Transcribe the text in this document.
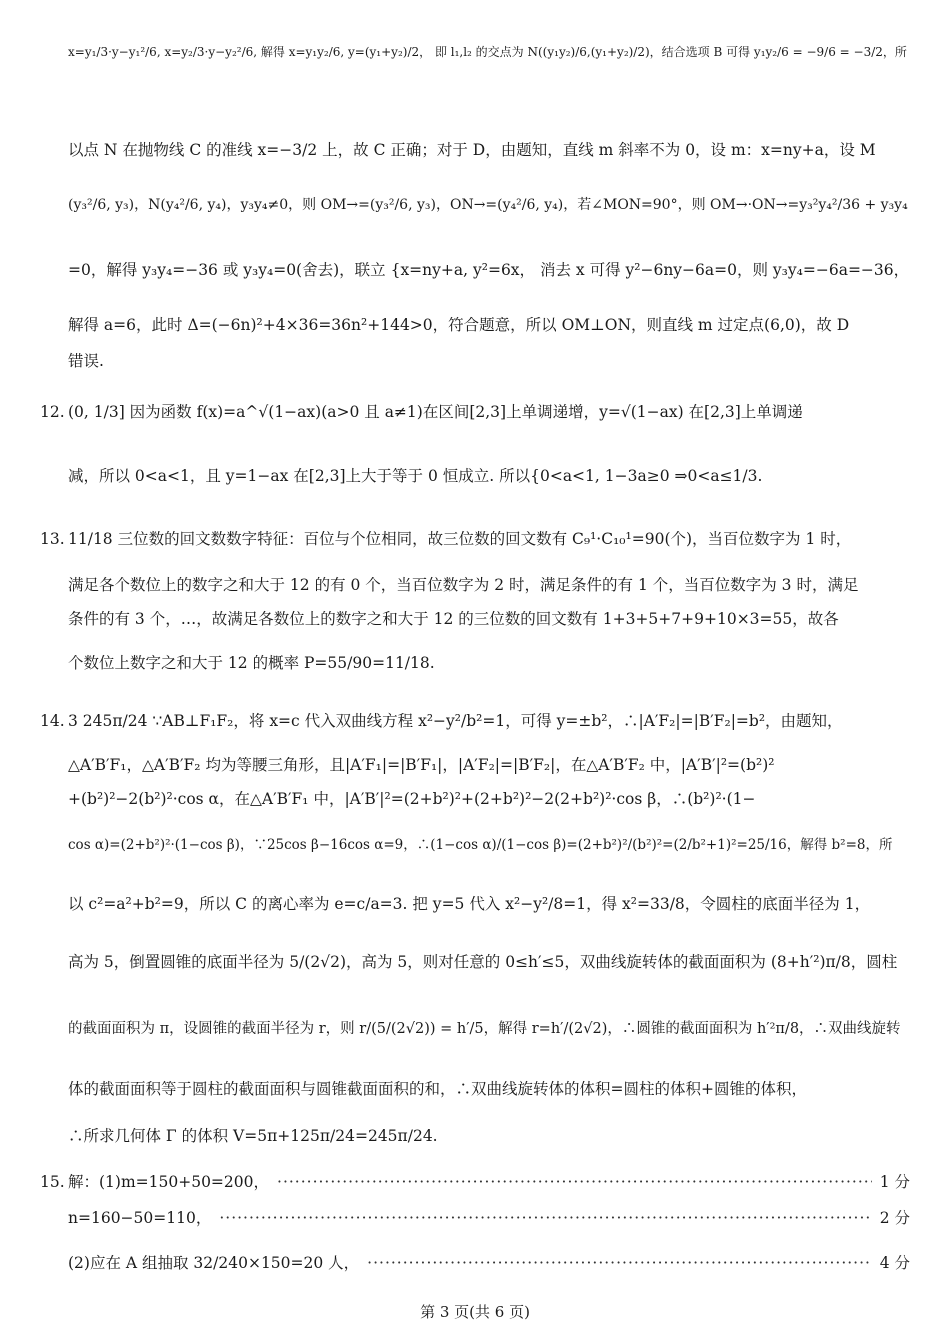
x=y₁/3·y−y₁²/6, x=y₂/3·y−y₂²/6, 解得 x=y₁y₂/6, y=(y₁+y₂)/2， 即 l₁,l₂ 的交点为 N((y₁y₂)/6,(y₁+y₂)/2)，结合选项 B 可得 y₁y₂/6 = −9/6 = −3/2，所
以点 N 在抛物线 C 的准线 x=−3/2 上，故 C 正确；对于 D，由题知，直线 m 斜率不为 0，设 m：x=ny+a，设 M
(y₃²/6, y₃)，N(y₄²/6, y₄)，y₃y₄≠0，则 OM→=(y₃²/6, y₃)，ON→=(y₄²/6, y₄)，若∠MON=90°，则 OM→·ON→=y₃²y₄²/36 + y₃y₄
=0，解得 y₃y₄=−36 或 y₃y₄=0(舍去)，联立 {x=ny+a, y²=6x， 消去 x 可得 y²−6ny−6a=0，则 y₃y₄=−6a=−36，
解得 a=6，此时 Δ=(−6n)²+4×36=36n²+144>0，符合题意，所以 OM⊥ON，则直线 m 过定点(6,0)，故 D
错误.
12. (0, 1/3] 因为函数 f(x)=a^√(1−ax)(a>0 且 a≠1)在区间[2,3]上单调递增，y=√(1−ax) 在[2,3]上单调递
减，所以 0<a<1，且 y=1−ax 在[2,3]上大于等于 0 恒成立. 所以{0<a<1, 1−3a≥0 ⇒0<a≤1/3.
13. 11/18 三位数的回文数数字特征：百位与个位相同，故三位数的回文数有 C₉¹·C₁₀¹=90(个)，当百位数字为 1 时，
满足各个数位上的数字之和大于 12 的有 0 个，当百位数字为 2 时，满足条件的有 1 个，当百位数字为 3 时，满足
条件的有 3 个，…，故满足各数位上的数字之和大于 12 的三位数的回文数有 1+3+5+7+9+10×3=55，故各
个数位上数字之和大于 12 的概率 P=55/90=11/18.
14. 3 245π/24 ∵AB⊥F₁F₂，将 x=c 代入双曲线方程 x²−y²/b²=1，可得 y=±b²，∴|A′F₂|=|B′F₂|=b²，由题知，
△A′B′F₁，△A′B′F₂ 均为等腰三角形，且|A′F₁|=|B′F₁|，|A′F₂|=|B′F₂|，在△A′B′F₂ 中，|A′B′|²=(b²)²
+(b²)²−2(b²)²·cos α，在△A′B′F₁ 中，|A′B′|²=(2+b²)²+(2+b²)²−2(2+b²)²·cos β，∴(b²)²·(1−
cos α)=(2+b²)²·(1−cos β)，∵25cos β−16cos α=9，∴(1−cos α)/(1−cos β)=(2+b²)²/(b²)²=(2/b²+1)²=25/16，解得 b²=8，所
以 c²=a²+b²=9，所以 C 的离心率为 e=c/a=3. 把 y=5 代入 x²−y²/8=1，得 x²=33/8，令圆柱的底面半径为 1，
高为 5，倒置圆锥的底面半径为 5/(2√2)，高为 5，则对任意的 0≤h′≤5，双曲线旋转体的截面面积为 (8+h′²)π/8，圆柱
的截面面积为 π，设圆锥的截面半径为 r，则 r/(5/(2√2)) = h′/5，解得 r=h′/(2√2)，∴圆锥的截面面积为 h′²π/8，∴双曲线旋转
体的截面面积等于圆柱的截面面积与圆锥截面面积的和，∴双曲线旋转体的体积=圆柱的体积+圆锥的体积，
∴所求几何体 Γ 的体积 V=5π+125π/24=245π/24.
15. 解：(1)m=150+50=200， ·····	1 分
n=160−50=110， ·····	2 分
(2)应在 A 组抽取 32/240×150=20 人， ·····	4 分
第 3 页(共 6 页)
